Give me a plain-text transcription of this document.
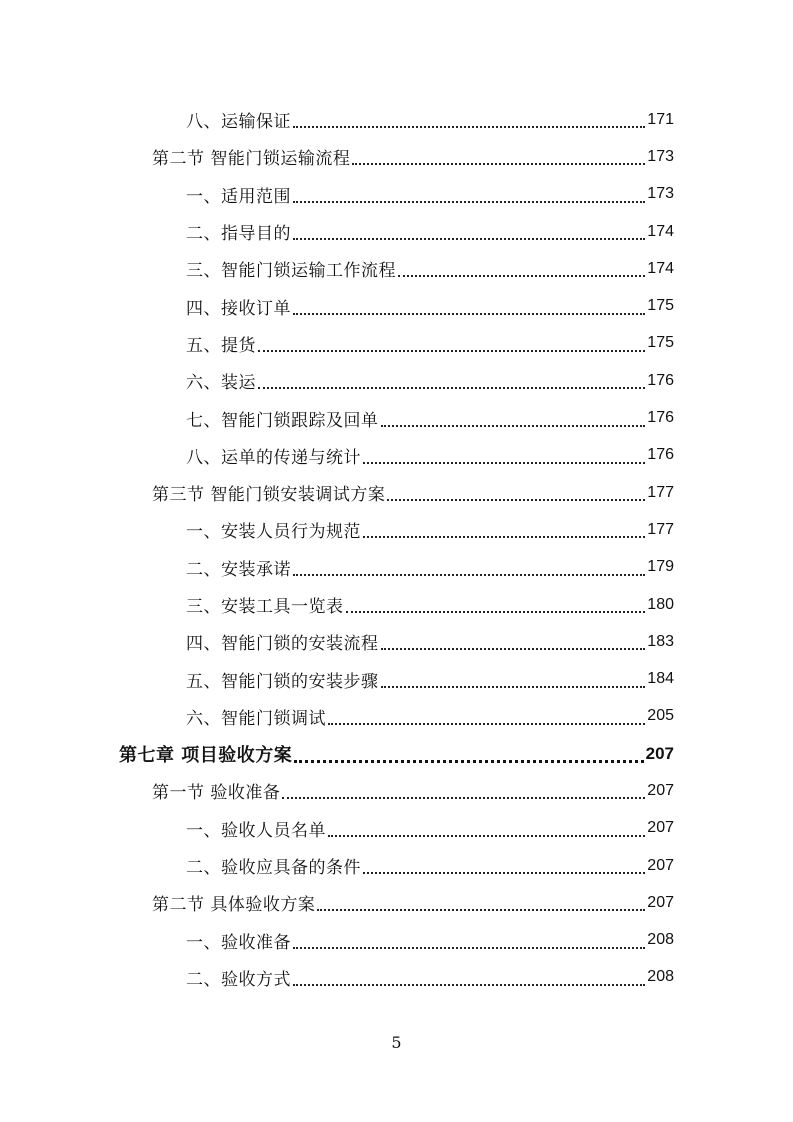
八、运输保证	171
第二节 智能门锁运输流程	173
一、适用范围	173
二、指导目的	174
三、智能门锁运输工作流程	174
四、接收订单	175
五、提货	175
六、装运	176
七、智能门锁跟踪及回单	176
八、运单的传递与统计	176
第三节 智能门锁安装调试方案	177
一、安装人员行为规范	177
二、安装承诺	179
三、安装工具一览表	180
四、智能门锁的安装流程	183
五、智能门锁的安装步骤	184
六、智能门锁调试	205
第七章 项目验收方案	207
第一节 验收准备	207
一、验收人员名单	207
二、验收应具备的条件	207
第二节 具体验收方案	207
一、验收准备	208
二、验收方式	208
5
